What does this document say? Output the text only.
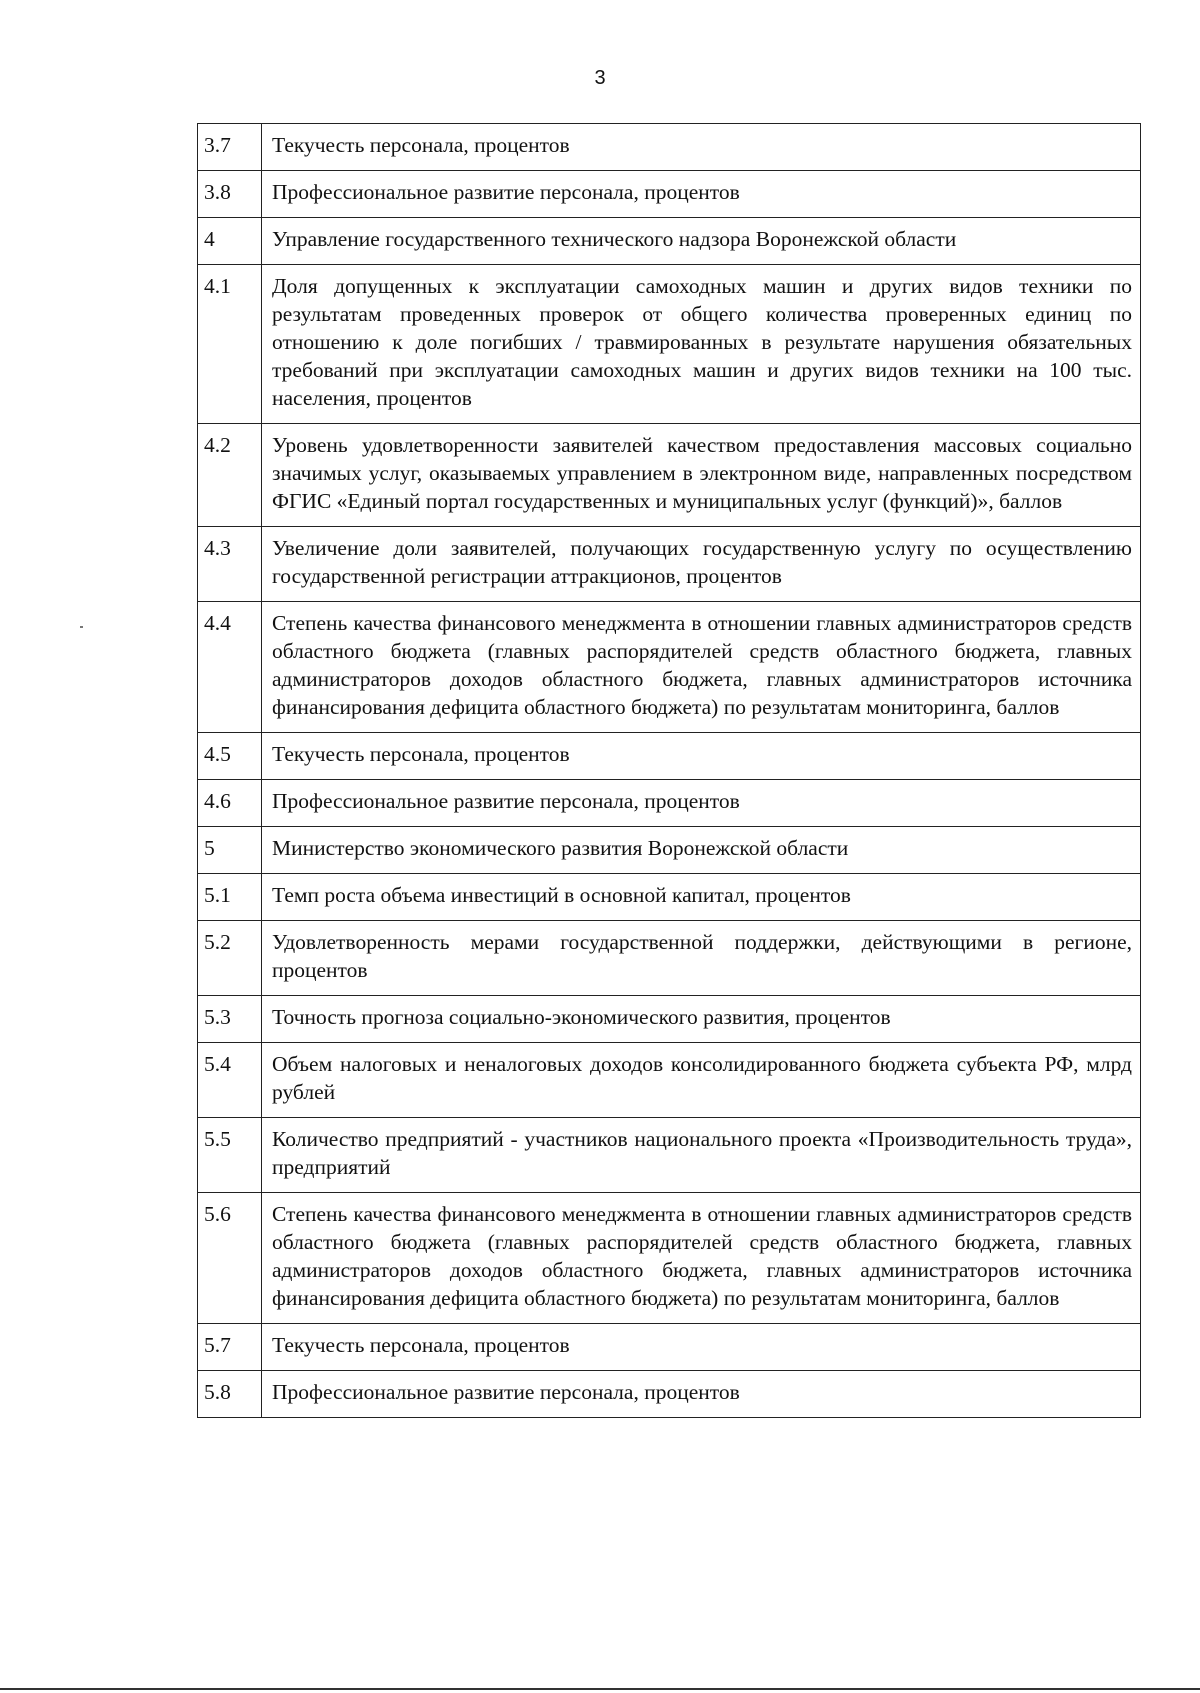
3
3.7	Текучесть персонала, процентов
3.8	Профессиональное развитие персонала, процентов
4	Управление государственного технического надзора Воронежской области
4.1	Доля допущенных к эксплуатации самоходных машин и других видов техники по результатам проведенных проверок от общего количества проверенных единиц по отношению к доле погибших / травмированных в результате нарушения обязательных требований при эксплуатации самоходных машин и других видов техники на 100 тыс. населения, процентов
4.2	Уровень удовлетворенности заявителей качеством предоставления массовых социально значимых услуг, оказываемых управлением в электронном виде, направленных посредством ФГИС «Единый портал государственных и муниципальных услуг (функций)», баллов
4.3	Увеличение доли заявителей, получающих государственную услугу по осуществлению государственной регистрации аттракционов, процентов
4.4	Степень качества финансового менеджмента в отношении главных администраторов средств областного бюджета (главных распорядителей средств областного бюджета, главных администраторов доходов областного бюджета, главных администраторов источника финансирования дефицита областного бюджета) по результатам мониторинга, баллов
4.5	Текучесть персонала, процентов
4.6	Профессиональное развитие персонала, процентов
5	Министерство экономического развития Воронежской области
5.1	Темп роста объема инвестиций в основной капитал, процентов
5.2	Удовлетворенность мерами государственной поддержки, действующими в регионе, процентов
5.3	Точность прогноза социально-экономического развития, процентов
5.4	Объем налоговых и неналоговых доходов консолидированного бюджета субъекта РФ, млрд рублей
5.5	Количество предприятий - участников национального проекта «Производительность труда», предприятий
5.6	Степень качества финансового менеджмента в отношении главных администраторов средств областного бюджета (главных распорядителей средств областного бюджета, главных администраторов доходов областного бюджета, главных администраторов источника финансирования дефицита областного бюджета) по результатам мониторинга, баллов
5.7	Текучесть персонала, процентов
5.8	Профессиональное развитие персонала, процентов
